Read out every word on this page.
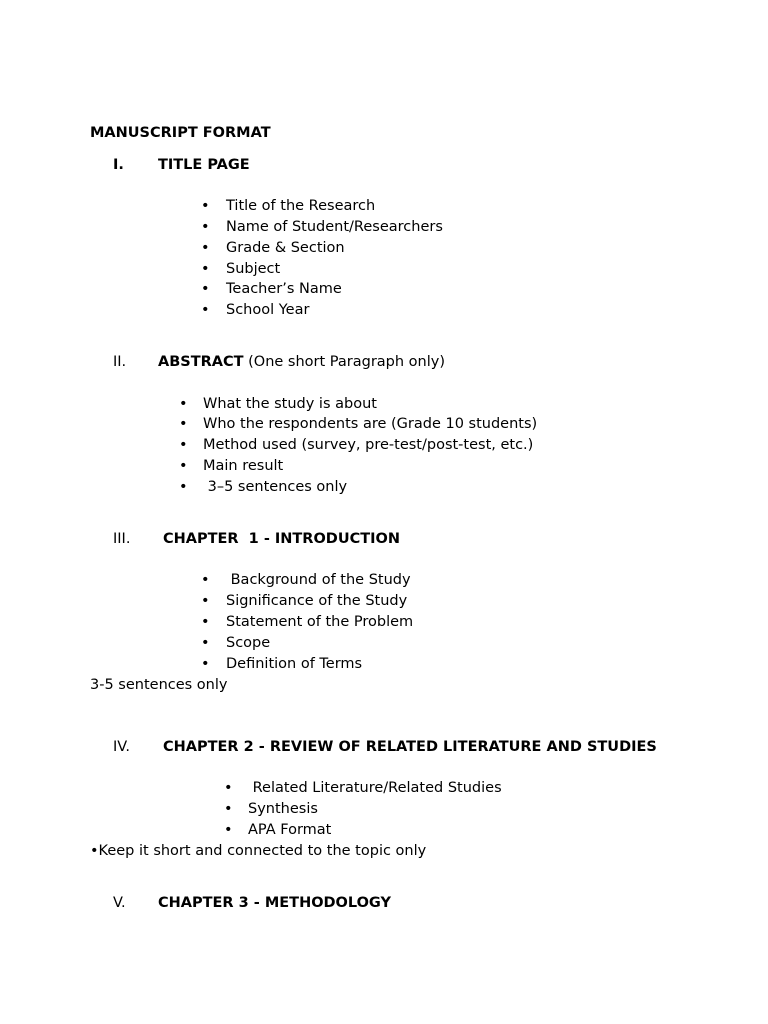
MANUSCRIPT FORMAT
I. TITLE PAGE
• Title of the Research
• Name of Student/Researchers
• Grade & Section
• Subject
• Teacher’s Name
• School Year
II. ABSTRACT (One short Paragraph only)
• What the study is about
• Who the respondents are (Grade 10 students)
• Method used (survey, pre-test/post-test, etc.)
• Main result
• 3–5 sentences only
III. CHAPTER  1 - INTRODUCTION
• Background of the Study
• Significance of the Study
• Statement of the Problem
• Scope
• Definition of Terms
3-5 sentences only
IV. CHAPTER 2 - REVIEW OF RELATED LITERATURE AND STUDIES
• Related Literature/Related Studies
• Synthesis
• APA Format
•Keep it short and connected to the topic only
V. CHAPTER 3 - METHODOLOGY
